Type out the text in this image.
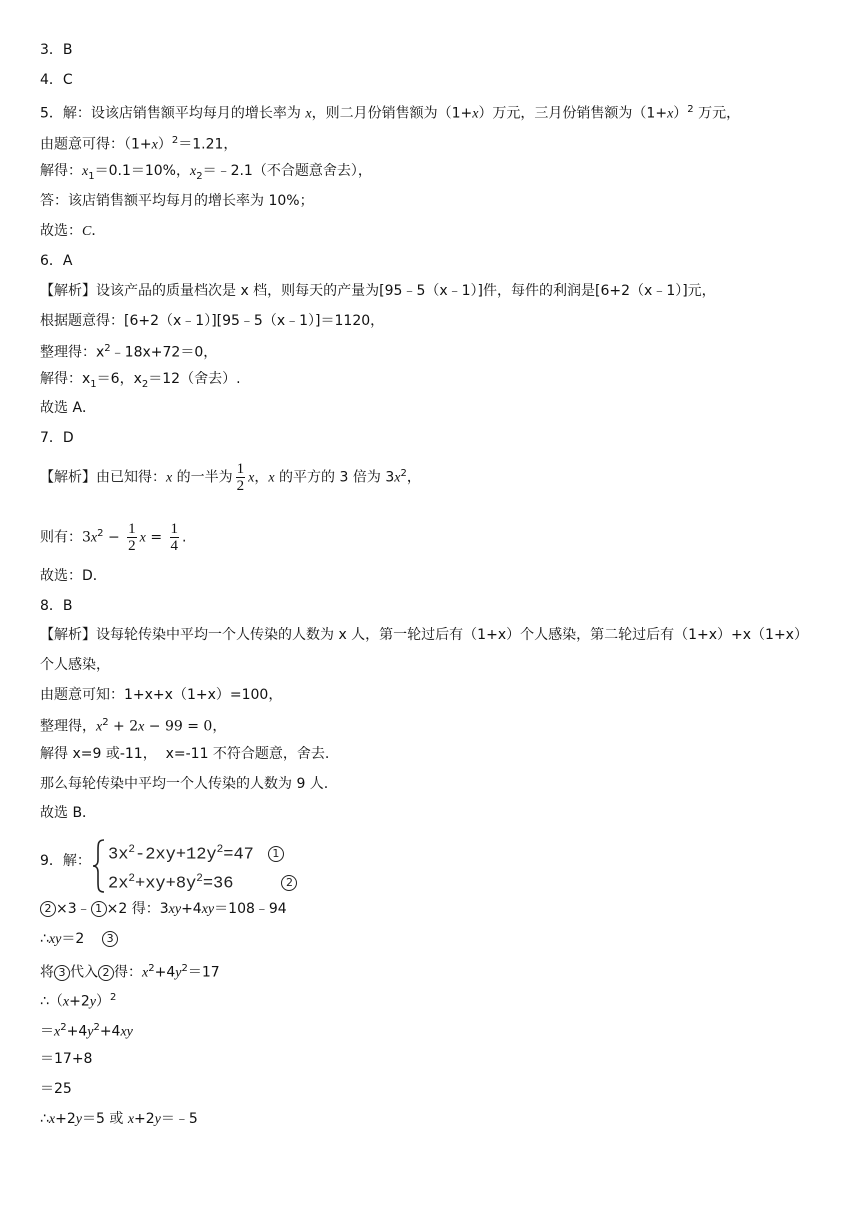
3．B
4．C
5．解：设该店销售额平均每月的增长率为 x，则二月份销售额为（1+x）万元，三月份销售额为$(1+x)^2$ 万元，
由题意可得：$(1+x)^2=1.21$，
解得：$x_1=0.1=10\%$，$x_2=﹣2.1$（不合题意舍去），
答：该店销售额平均每月的增长率为 10%；
故选：C．
6．A
【解析】设该产品的质量档次是 x 档，则每天的产量为[95﹣5（x﹣1）]件，每件的利润是[6+2（x﹣1）]元，
根据题意得：[6+2（x﹣1）][95﹣5（x﹣1）]＝1120，
整理得：$x^2﹣18x+72=0$，
解得：$x_1=6$，$x_2=12$（舍去）.
故选 A．
7．D
【解析】由已知得：x 的一半为 $\frac{1}{2}$ x，x 的平方的 3 倍为 $3x^2$，
则有：$3x^2 - \frac{1}{2}$ $x = \frac{1}{4}$ .
故选：D．
8．B
【解析】设每轮传染中平均一个人传染的人数为 x 人，第一轮过后有（1+x）个人感染，第二轮过后有（1+x）+x（1+x）
个人感染，
由题意可知：1+x+x（1+x）=100，
整理得，$x^2 + 2x - 99 = 0$，
解得 x=9 或-11，  x=-11 不符合题意，舍去.
那么每轮传染中平均一个人传染的人数为 9 人.
故选 B．
9．解： $3x^2-2xy+12y^2=47$ 1
$2x^2+xy+8y^2=36$	2
2 ×3﹣ 1 ×2 得：3xy+4xy＝108﹣94
∴xy＝2    3
将 3 代入 2 得：$x^2+4y^2=17$
$\therefore(x+2y)^2$
$=x^2+4y^2+4xy$
＝17+8
＝25
∴x+2y＝5 或 x+2y＝﹣5
